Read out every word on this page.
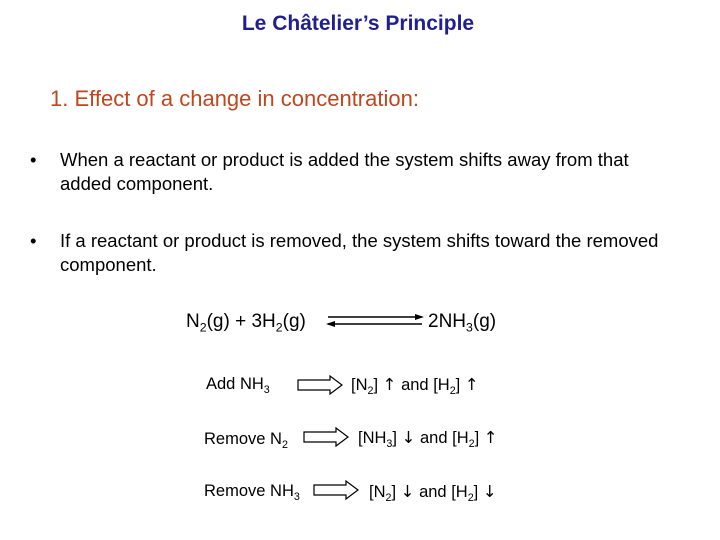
Le Châtelier’s Principle
1. Effect of a change in concentration:
•	When a reactant or product is added the system shifts away from that added component.
•	If a reactant or product is removed, the system shifts toward the removed component.
$N_2(g) + 3H_2(g)$	$2NH_3(g)$
Add $NH_3$	$[N_2]$ ↑ and $[H_2]$ ↑
Remove $N_2$	$[NH_3]$ ↓ and $[H_2]$ ↑
Remove $NH_3$	$[N_2]$ ↓ and $[H_2]$ ↓
